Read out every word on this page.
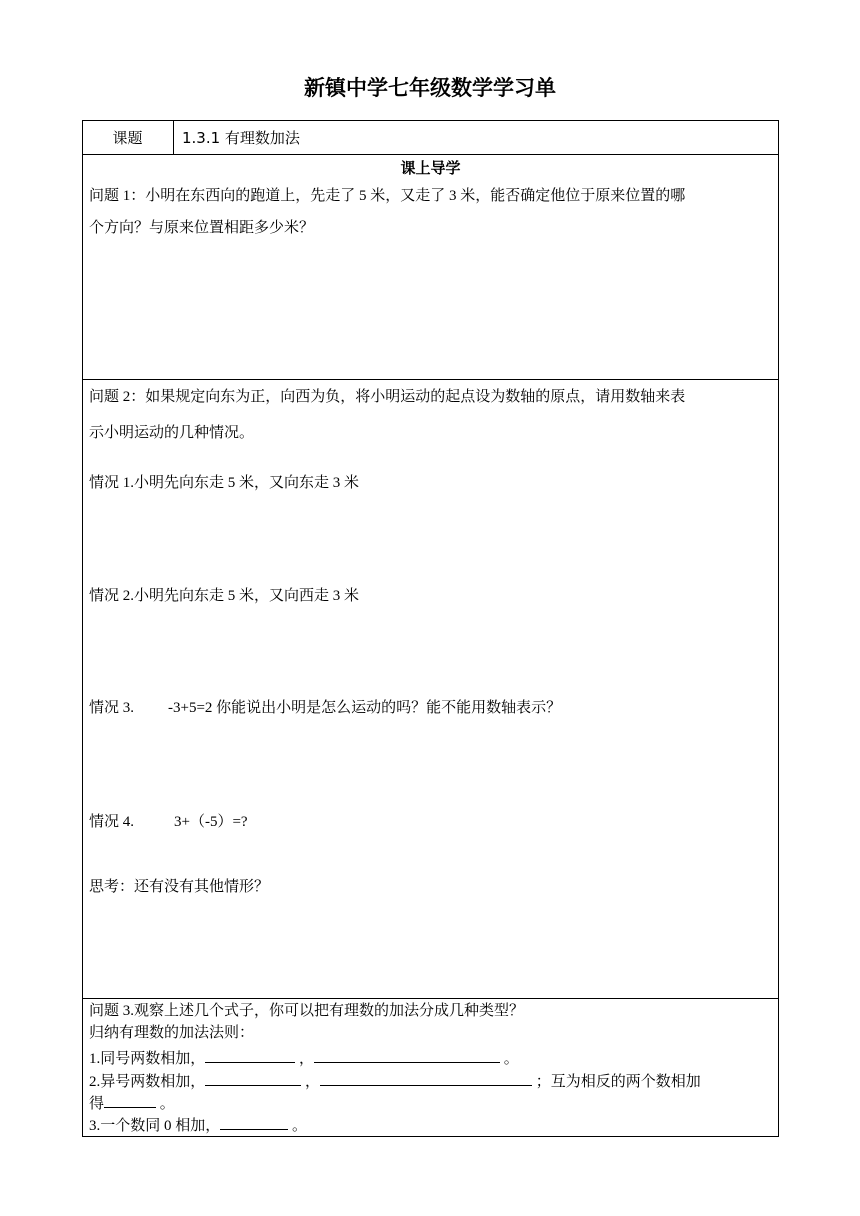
新镇中学七年级数学学习单
课题	1.3.1 有理数加法
课上导学
问题 1：小明在东西向的跑道上，先走了 5 米，又走了 3 米，能否确定他位于原来位置的哪
个方向？与原来位置相距多少米？
问题 2：如果规定向东为正，向西为负，将小明运动的起点设为数轴的原点，请用数轴来表
示小明运动的几种情况。
情况 1.小明先向东走 5 米，又向东走 3 米
情况 2.小明先向东走 5 米，又向西走 3 米
情况 3. -3+5=2 你能说出小明是怎么运动的吗？能不能用数轴表示？
情况 4.	3+（-5）=?
思考：还有没有其他情形？
问题 3.观察上述几个式子，你可以把有理数的加法分成几种类型？
归纳有理数的加法法则：
1.同号两数相加，	，	。
2.异号两数相加，	，	；互为相反的两个数相加
得	。
3.一个数同 0 相加，	。
